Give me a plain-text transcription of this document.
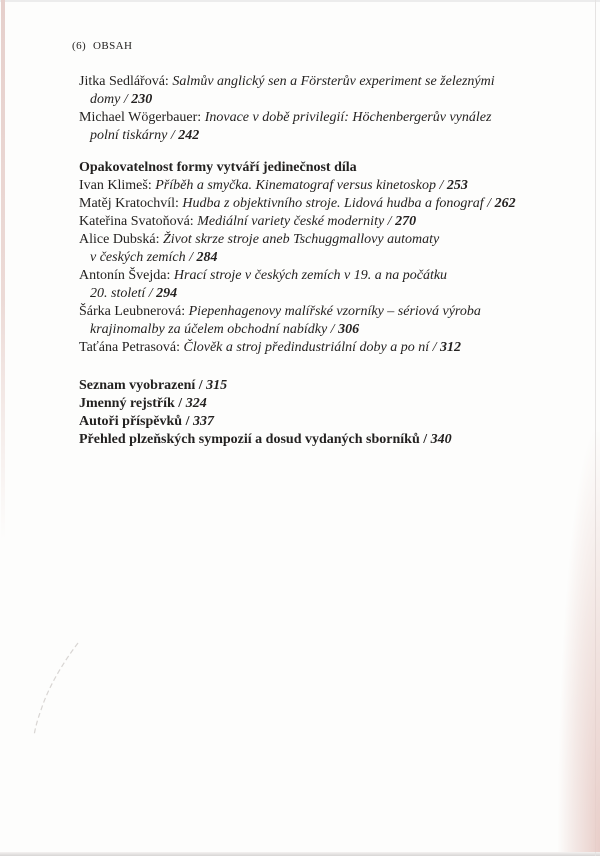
(6) OBSAH
Jitka Sedlářová: Salmův anglický sen a Försterův experiment se železnými
domy / 230
Michael Wögerbauer: Inovace v době privilegií: Höchenbergerův vynález
polní tiskárny / 242
Opakovatelnost formy vytváří jedinečnost díla
Ivan Klimeš: Příběh a smyčka. Kinematograf versus kinetoskop / 253
Matěj Kratochvíl: Hudba z objektivního stroje. Lidová hudba a fonograf / 262
Kateřina Svatoňová: Mediální variety české modernity / 270
Alice Dubská: Život skrze stroje aneb Tschuggmallovy automaty
v českých zemích / 284
Antonín Švejda: Hrací stroje v českých zemích v 19. a na počátku
20. století / 294
Šárka Leubnerová: Piepenhagenovy malířské vzorníky – sériová výroba
krajinomalby za účelem obchodní nabídky / 306
Taťána Petrasová: Člověk a stroj předindustriální doby a po ní / 312
Seznam vyobrazení / 315
Jmenný rejstřík / 324
Autoři příspěvků / 337
Přehled plzeňských sympozií a dosud vydaných sborníků / 340
